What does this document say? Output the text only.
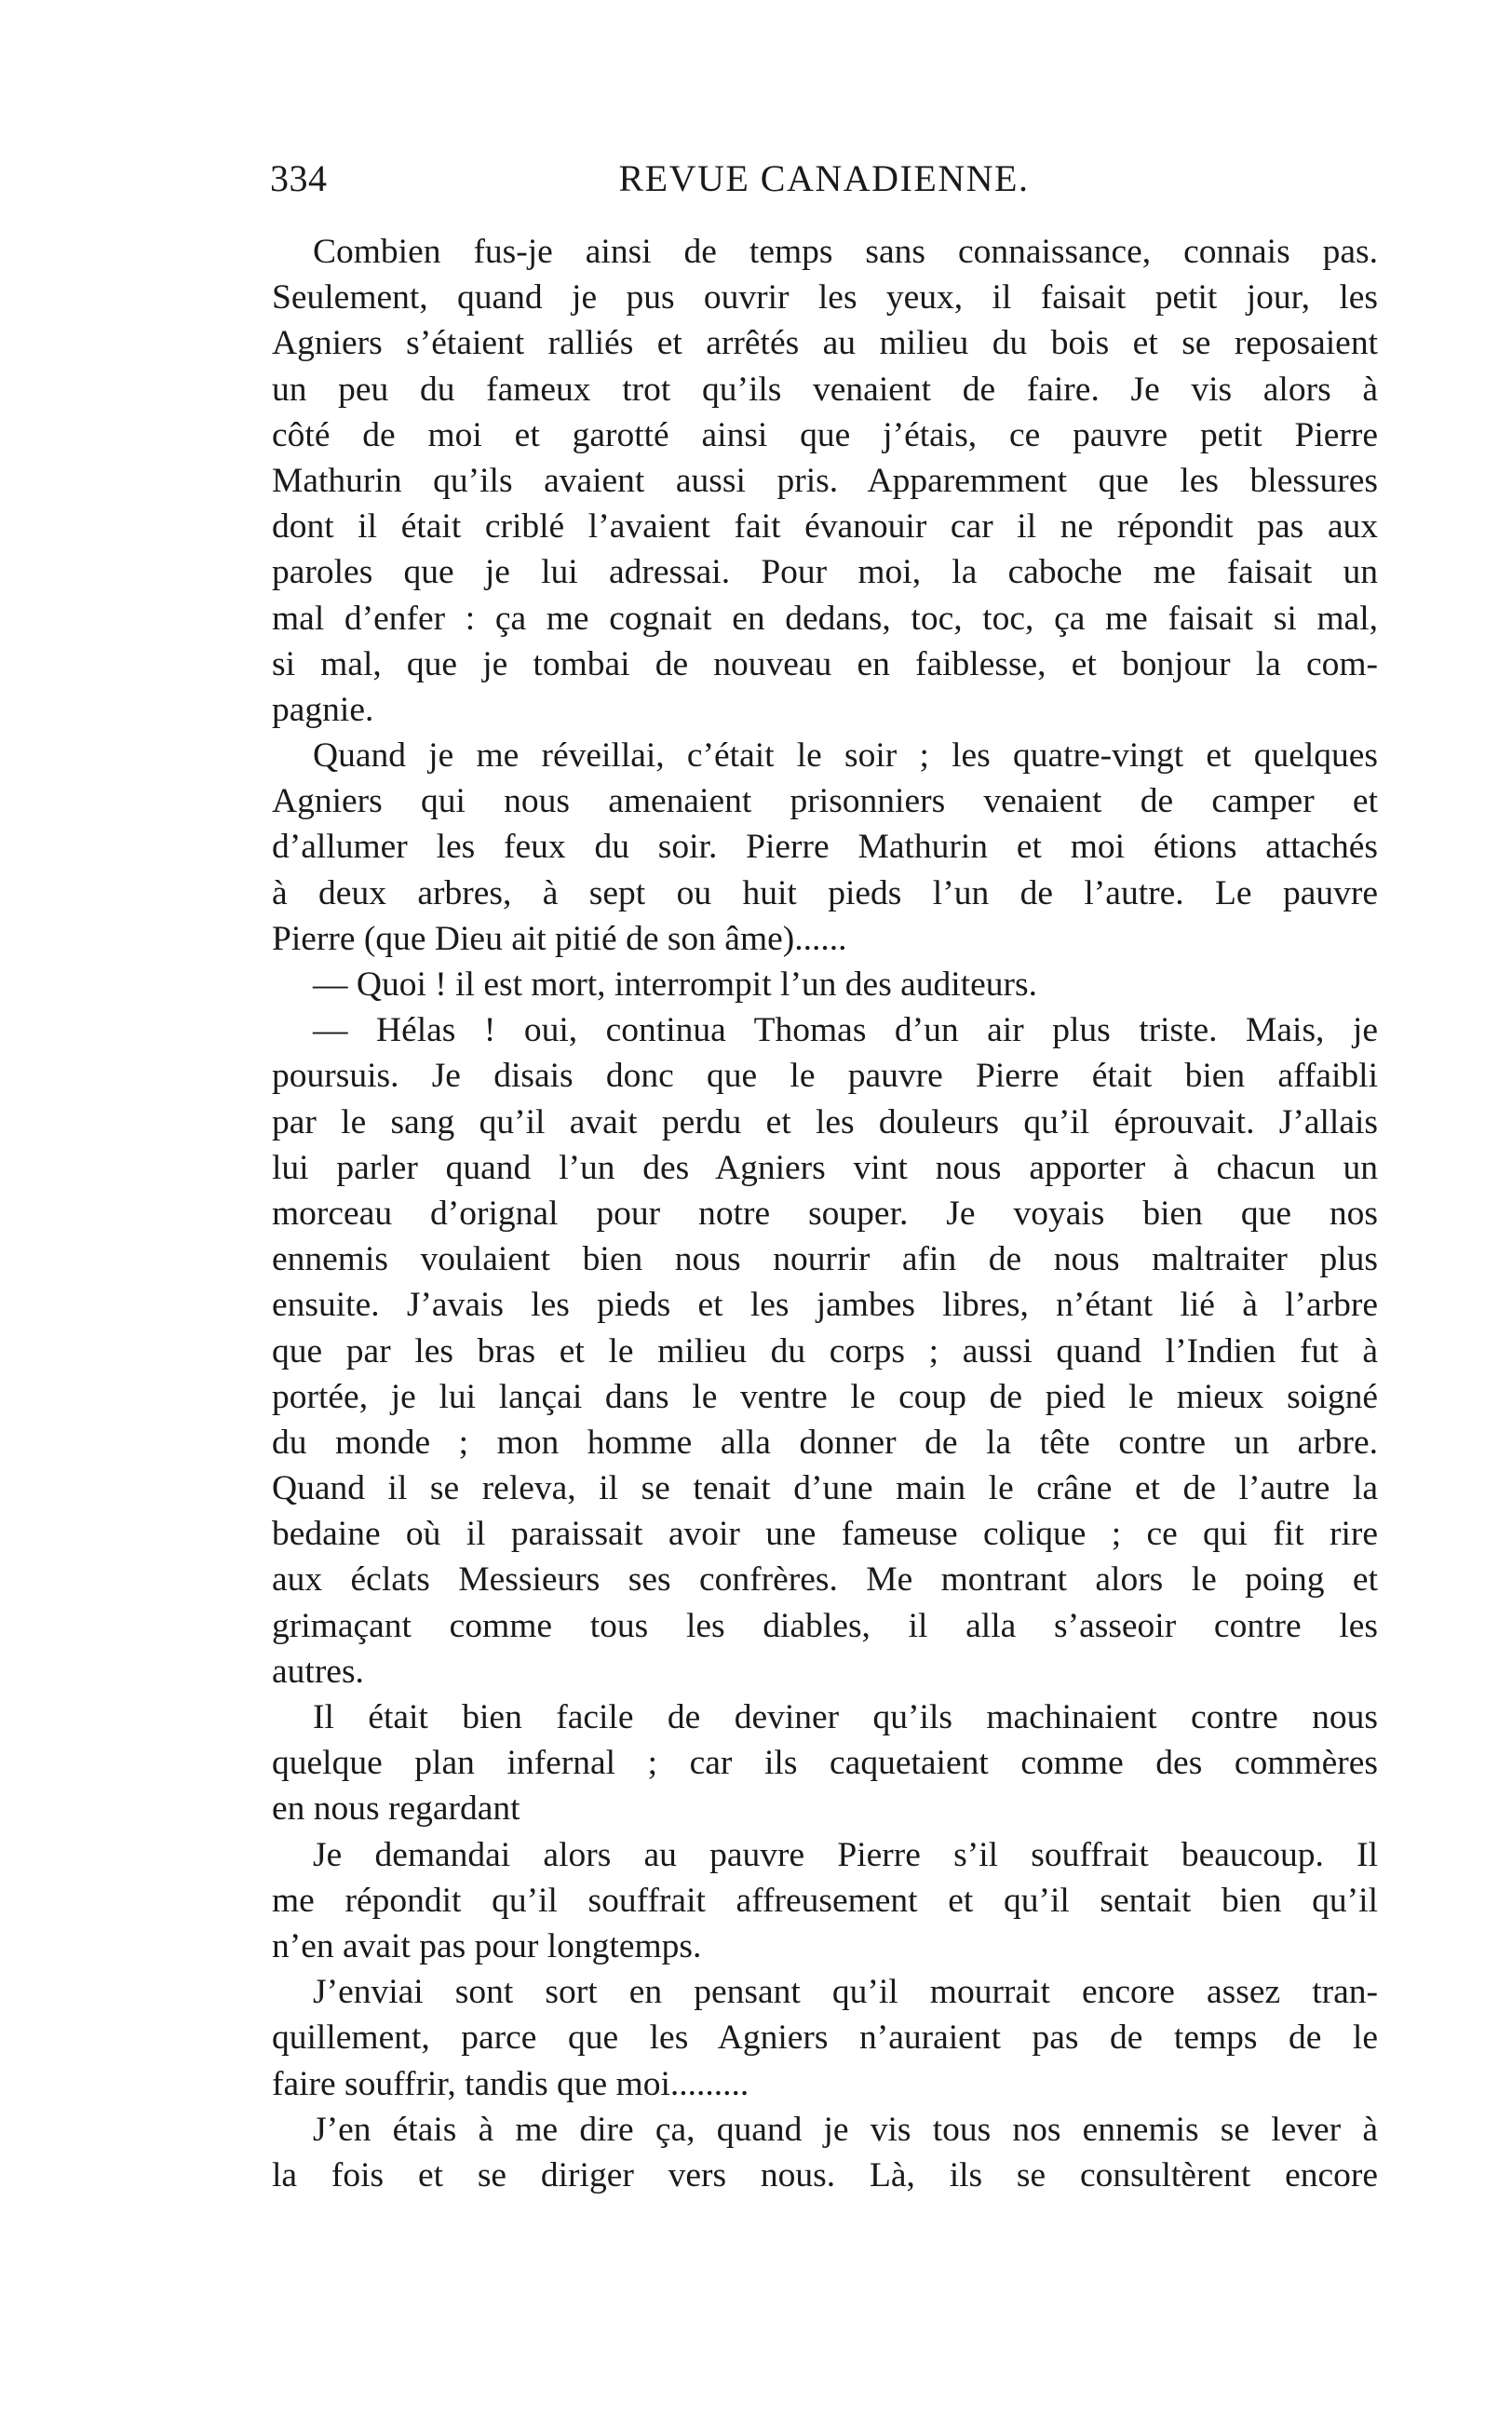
334	REVUE CANADIENNE.
Combien fus-je ainsi de temps sans connaissance, connais pas.
Seulement, quand je pus ouvrir les yeux, il faisait petit jour, les
Agniers s’étaient ralliés et arrêtés au milieu du bois et se reposaient
un peu du fameux trot qu’ils venaient de faire. Je vis alors à
côté de moi et garotté ainsi que j’étais, ce pauvre petit Pierre
Mathurin qu’ils avaient aussi pris. Apparemment que les blessures
dont il était criblé l’avaient fait évanouir car il ne répondit pas aux
paroles que je lui adressai. Pour moi, la caboche me faisait un
mal d’enfer : ça me cognait en dedans, toc, toc, ça me faisait si mal,
si mal, que je tombai de nouveau en faiblesse, et bonjour la com-
pagnie.
Quand je me réveillai, c’était le soir ; les quatre-vingt et quelques
Agniers qui nous amenaient prisonniers venaient de camper et
d’allumer les feux du soir. Pierre Mathurin et moi étions attachés
à deux arbres, à sept ou huit pieds l’un de l’autre. Le pauvre
Pierre (que Dieu ait pitié de son âme)......
— Quoi ! il est mort, interrompit l’un des auditeurs.
— Hélas ! oui, continua Thomas d’un air plus triste. Mais, je
poursuis. Je disais donc que le pauvre Pierre était bien affaibli
par le sang qu’il avait perdu et les douleurs qu’il éprouvait. J’allais
lui parler quand l’un des Agniers vint nous apporter à chacun un
morceau d’orignal pour notre souper. Je voyais bien que nos
ennemis voulaient bien nous nourrir afin de nous maltraiter plus
ensuite. J’avais les pieds et les jambes libres, n’étant lié à l’arbre
que par les bras et le milieu du corps ; aussi quand l’Indien fut à
portée, je lui lançai dans le ventre le coup de pied le mieux soigné
du monde ; mon homme alla donner de la tête contre un arbre.
Quand il se releva, il se tenait d’une main le crâne et de l’autre la
bedaine où il paraissait avoir une fameuse colique ; ce qui fit rire
aux éclats Messieurs ses confrères. Me montrant alors le poing et
grimaçant comme tous les diables, il alla s’asseoir contre les
autres.
Il était bien facile de deviner qu’ils machinaient contre nous
quelque plan infernal ; car ils caquetaient comme des commères
en nous regardant
Je demandai alors au pauvre Pierre s’il souffrait beaucoup. Il
me répondit qu’il souffrait affreusement et qu’il sentait bien qu’il
n’en avait pas pour longtemps.
J’enviai sont sort en pensant qu’il mourrait encore assez tran-
quillement, parce que les Agniers n’auraient pas de temps de le
faire souffrir, tandis que moi.........
J’en étais à me dire ça, quand je vis tous nos ennemis se lever à
la fois et se diriger vers nous. Là, ils se consultèrent encore
